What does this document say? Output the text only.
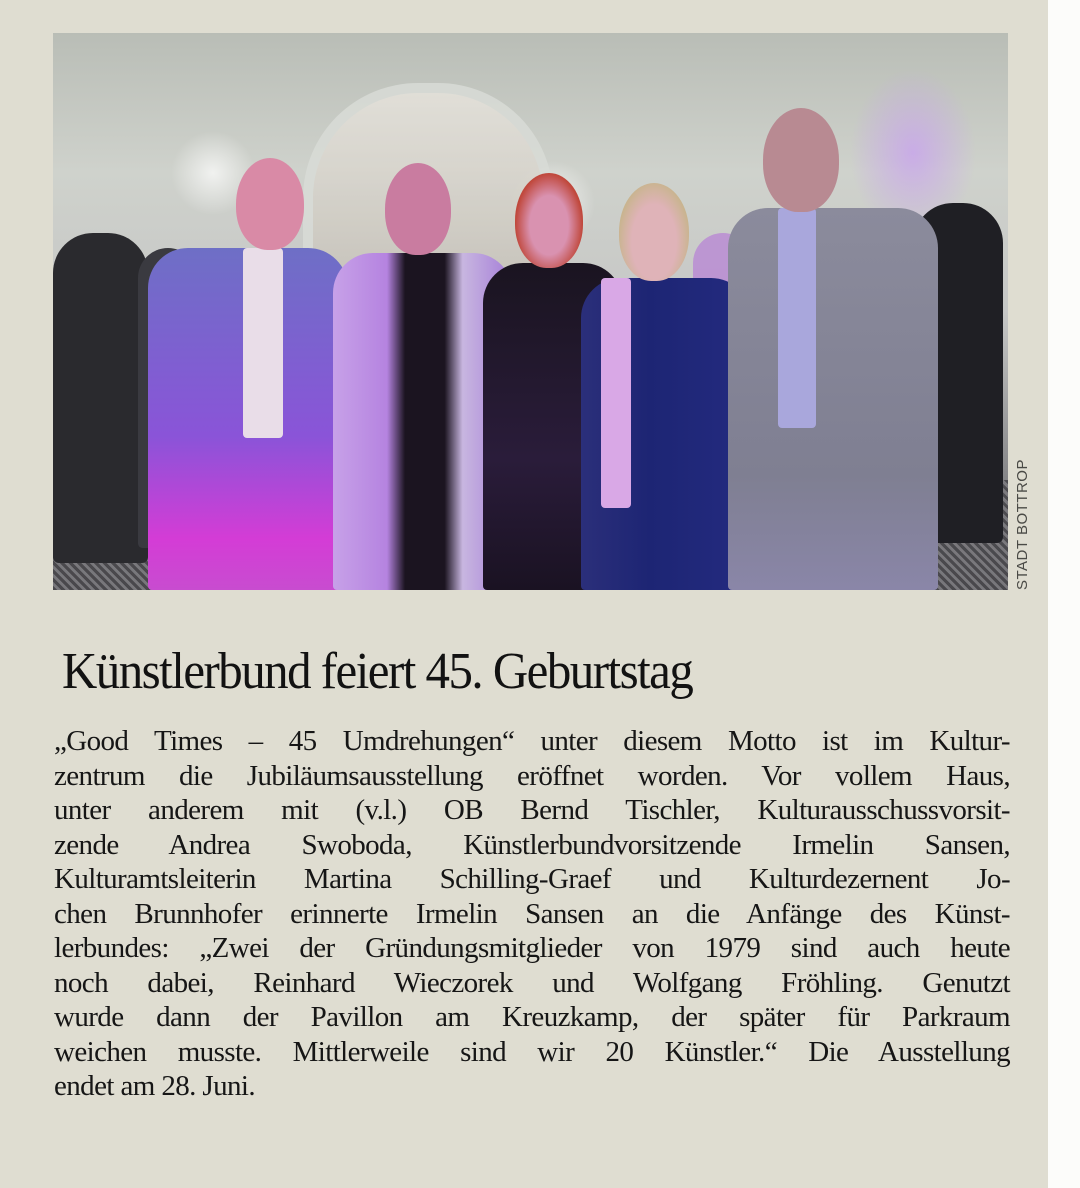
STADT BOTTROP
Künstlerbund feiert 45. Geburtstag
„Good Times – 45 Umdrehungen“ unter diesem Motto ist im Kultur-
zentrum die Jubiläumsausstellung eröffnet worden. Vor vollem Haus,
unter anderem mit (v.l.) OB Bernd Tischler, Kulturausschussvorsit-
zende Andrea Swoboda, Künstlerbundvorsitzende Irmelin Sansen,
Kulturamtsleiterin Martina Schilling-Graef und Kulturdezernent Jo-
chen Brunnhofer erinnerte Irmelin Sansen an die Anfänge des Künst-
lerbundes: „Zwei der Gründungsmitglieder von 1979 sind auch heute
noch dabei, Reinhard Wieczorek und Wolfgang Fröhling. Genutzt
wurde dann der Pavillon am Kreuzkamp, der später für Parkraum
weichen musste. Mittlerweile sind wir 20 Künstler.“ Die Ausstellung
endet am 28. Juni.
